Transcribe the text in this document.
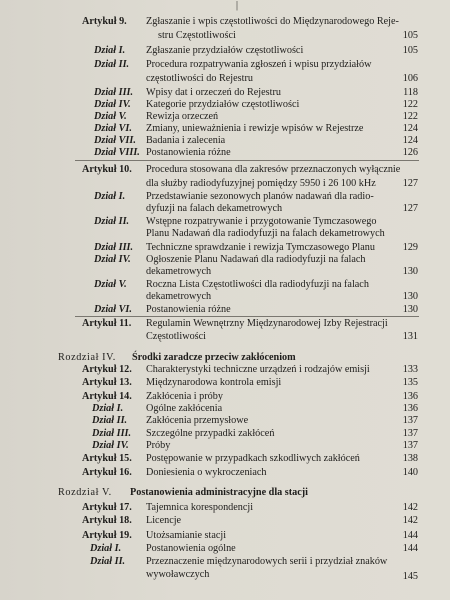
|
Artykuł 9. Zgłaszanie i wpis częstotliwości do Międzynarodowego Reje-
stru Częstotliwości	105
Dział I. Zgłaszanie przydziałów częstotliwości	105
Dział II. Procedura rozpatrywania zgłoszeń i wpisu przydziałów
częstotliwości do Rejestru	106
Dział III. Wpisy dat i orzeczeń do Rejestru	118
Dział IV. Kategorie przydziałów częstotliwości	122
Dział V. Rewizja orzeczeń	122
Dział VI. Zmiany, unieważnienia i rewizje wpisów w Rejestrze	124
Dział VII. Badania i zalecenia	124
Dział VIII. Postanowienia różne	126
Artykuł 10. Procedura stosowana dla zakresów przeznaczonych wyłącznie
dla służby radiodyfuzyjnej pomiędzy 5950 i 26 100 kHz	127
Dział I. Przedstawianie sezonowych planów nadawań dla radio-
dyfuzji na falach dekametrowych	127
Dział II. Wstępne rozpatrywanie i przygotowanie Tymczasowego
Planu Nadawań dla radiodyfuzji na falach dekametrowych
Dział III. Techniczne sprawdzanie i rewizja Tymczasowego Planu	129
Dział IV. Ogłoszenie Planu Nadawań dla radiodyfuzji na falach
dekametrowych	130
Dział V. Roczna Lista Częstotliwości dla radiodyfuzji na falach
dekametrowych	130
Dział VI. Postanowienia różne	130
Artykuł 11. Regulamin Wewnętrzny Międzynarodowej Izby Rejestracji
Częstotliwości	131
Rozdział IV. Środki zaradcze przeciw zakłóceniom
Artykuł 12. Charakterystyki techniczne urządzeń i rodzajów emisji	133
Artykuł 13. Międzynarodowa kontrola emisji	135
Artykuł 14. Zakłócenia i próby	136
Dział I. Ogólne zakłócenia	136
Dział II. Zakłócenia przemysłowe	137
Dział III. Szczególne przypadki zakłóceń	137
Dział IV. Próby	137
Artykuł 15. Postępowanie w przypadkach szkodliwych zakłóceń	138
Artykuł 16. Doniesienia o wykroczeniach	140
Rozdział V. Postanowienia administracyjne dla stacji
Artykuł 17. Tajemnica korespondencji	142
Artykuł 18. Licencje	142
Artykuł 19. Utożsamianie stacji	144
Dział I. Postanowienia ogólne	144
Dział II. Przeznaczenie międzynarodowych serii i przydział znaków
wywoławczych	145
